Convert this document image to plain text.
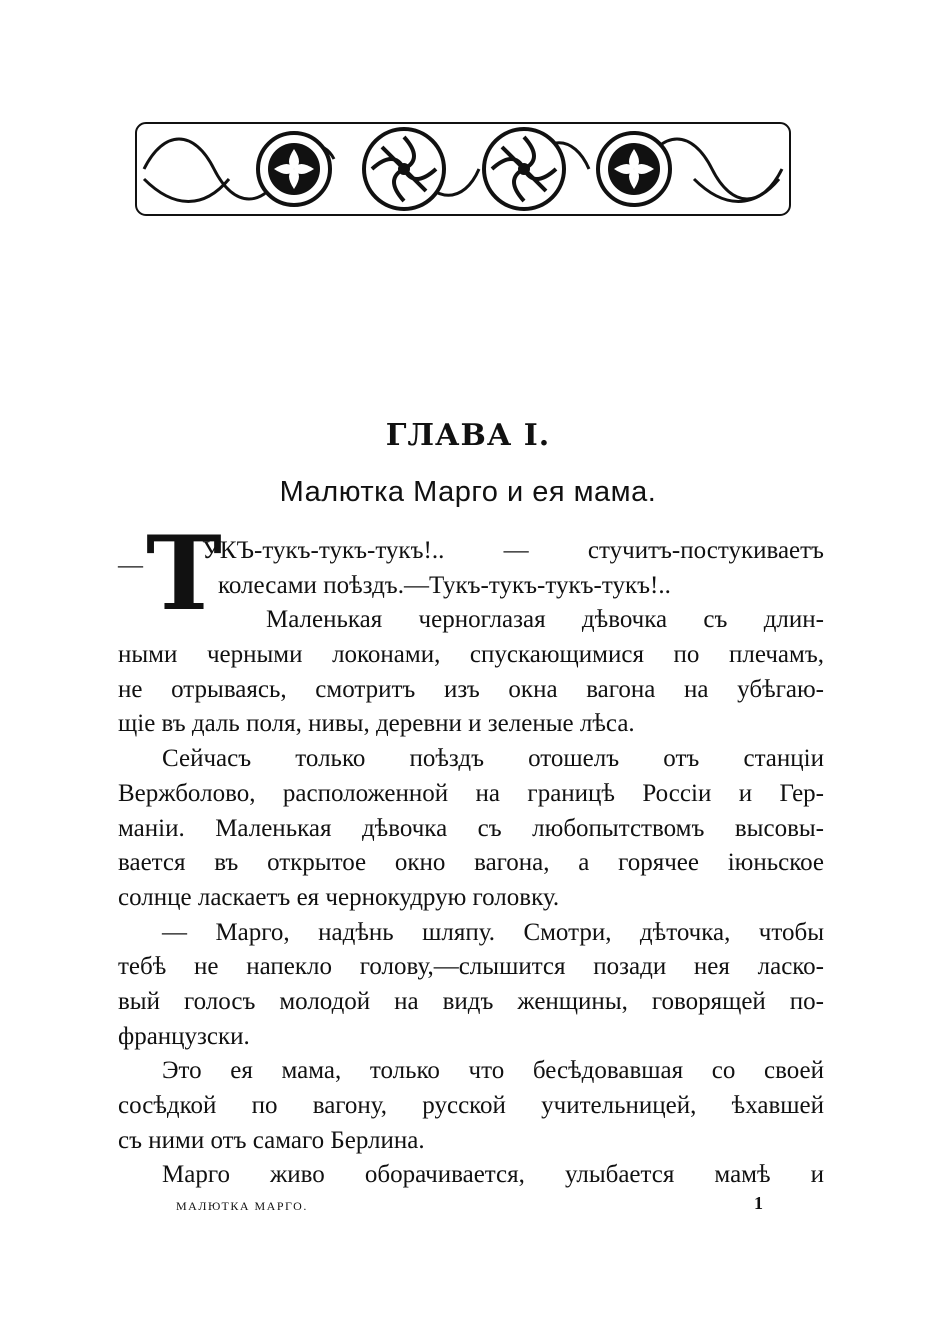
ГЛАВА I.
Малютка Марго и ея мама.
— Т
УКЪ-тукъ-тукъ-тукъ!.. — стучитъ-постукиваетъ
колесами поѣздъ.—Тукъ-тукъ-тукъ-тукъ!..
Маленькая черноглазая дѣвочка съ длин-
ными черными локонами, спускающимися по плечамъ,
не отрываясь, смотритъ изъ окна вагона на убѣгаю-
щіе въ даль поля, нивы, деревни и зеленые лѣса.
Сейчасъ только поѣздъ отошелъ отъ станціи
Вержболово, расположенной на границѣ Россіи и Гер-
маніи. Маленькая дѣвочка съ любопытствомъ высовы-
вается въ открытое окно вагона, а горячее іюньское
солнце ласкаетъ ея чернокудрую головку.
— Марго, надѣнь шляпу. Смотри, дѣточка, чтобы
тебѣ не напекло голову,—слышится позади нея ласко-
вый голосъ молодой на видъ женщины, говорящей по-
французски.
Это ея мама, только что бесѣдовавшая со своей
сосѣдкой по вагону, русской учительницей, ѣхавшей
съ ними отъ самаго Берлина.
Марго живо оборачивается, улыбается мамѣ и
МАЛЮТКА МАРГО.	1
